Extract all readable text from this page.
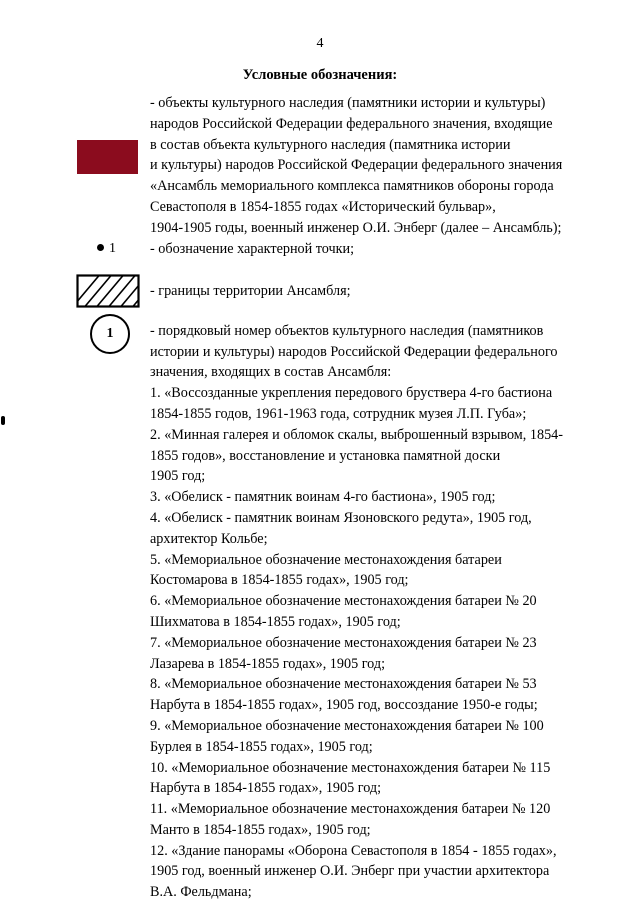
4
Условные обозначения:
1
1
- объекты культурного наследия (памятники истории и культуры)
народов Российской Федерации федерального значения, входящие
в состав объекта культурного наследия (памятника истории
и культуры) народов Российской Федерации федерального значения
«Ансамбль мемориального комплекса памятников обороны города
Севастополя в 1854-1855 годах «Исторический бульвар»,
1904-1905 годы, военный инженер О.И. Энберг (далее – Ансамбль);
- обозначение характерной точки;
- границы территории Ансамбля;
- порядковый номер объектов культурного наследия (памятников
истории и культуры) народов Российской Федерации федерального
значения, входящих в состав Ансамбля:
1. «Воссозданные укрепления передового бруствера 4-го бастиона
1854-1855 годов, 1961-1963 года, сотрудник музея Л.П. Губа»;
2. «Минная галерея и обломок скалы, выброшенный взрывом, 1854-
1855 годов», восстановление и установка памятной доски
1905 год;
3. «Обелиск - памятник воинам 4-го бастиона», 1905 год;
4. «Обелиск - памятник воинам Язоновского редута», 1905 год,
архитектор Кольбе;
5. «Мемориальное обозначение местонахождения батареи
Костомарова в 1854-1855 годах», 1905 год;
6. «Мемориальное обозначение местонахождения батареи № 20
Шихматова в 1854-1855 годах», 1905 год;
7. «Мемориальное обозначение местонахождения батареи № 23
Лазарева в 1854-1855 годах», 1905 год;
8. «Мемориальное обозначение местонахождения батареи № 53
Нарбута в 1854-1855 годах», 1905 год, воссоздание 1950-е годы;
9. «Мемориальное обозначение местонахождения батареи № 100
Бурлея в 1854-1855 годах», 1905 год;
10. «Мемориальное обозначение местонахождения батареи № 115
Нарбута в 1854-1855 годах», 1905 год;
11. «Мемориальное обозначение местонахождения батареи № 120
Манто в 1854-1855 годах», 1905 год;
12. «Здание панорамы «Оборона Севастополя в 1854 - 1855 годах»,
1905 год, военный инженер О.И. Энберг при участии архитектора
В.А. Фельдмана;
